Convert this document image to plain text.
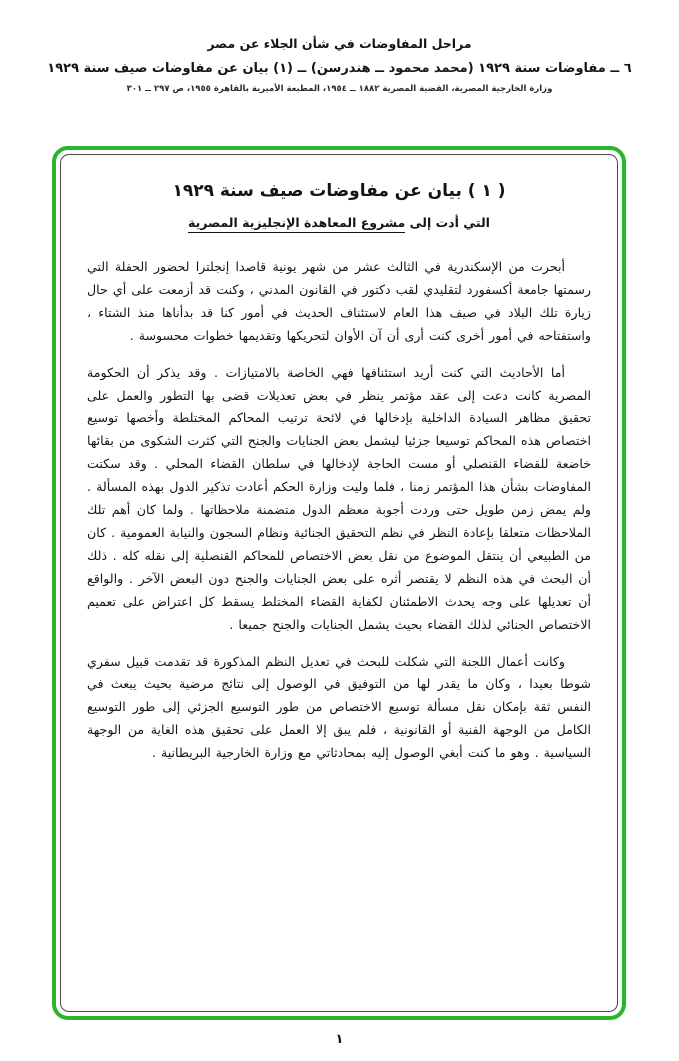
مراحل المفاوضات في شأن الجلاء عن مصر
٦ ــ مفاوضات سنة ١٩٢٩ (محمد محمود ــ هندرسن) ــ (١) بيان عن مفاوضات صيف سنة ١٩٢٩
وزارة الخارجية المصرية، القضية المصرية ١٨٨٢ ــ ١٩٥٤، المطبعة الأميرية بالقاهرة ١٩٥٥، ص ٢٩٧ ــ ٣٠١
( ١ ) بيان عن مفاوضات صيف سنة ١٩٢٩
التي أدت إلى مشروع المعاهدة الإنجليزية المصرية

أبحرت من الإسكندرية في الثالث عشر من شهر يونية قاصدا إنجلترا لحضور الحفلة التي رسمتها جامعة أكسفورد لتقليدي لقب دكتور في القانون المدني ، وكنت قد أزمعت على أي حال زيارة تلك البلاد في صيف هذا العام لاستئناف الحديث في أمور كنا قد بدأناها منذ الشتاء ، واستفتاحه في أمور أخرى كنت أرى أن آن الأوان لتحريكها وتقديمها خطوات محسوسة .

أما الأحاديث التي كنت أريد استئنافها فهي الخاصة بالامتيازات . وقد يذكر أن الحكومة المصرية كانت دعت إلى عقد مؤتمر ينظر في بعض تعديلات قضى بها التطور والعمل على تحقيق مظاهر السيادة الداخلية بإدخالها في لائحة ترتيب المحاكم المختلطة وأخصها توسيع اختصاص هذه المحاكم توسيعا جزئيا ليشمل بعض الجنايات والجنح التي كثرت الشكوى من بقائها خاضعة للقضاء القنصلي أو مست الحاجة لإدخالها في سلطان القضاء المحلي . وقد سكتت المفاوضات بشأن هذا المؤتمر زمنا ، فلما وليت وزارة الحكم أعادت تذكير الدول بهذه المسألة . ولم يمض زمن طويل حتى وردت أجوبة معظم الدول متضمنة ملاحظاتها . ولما كان أهم تلك الملاحظات متعلقا بإعادة النظر في نظم التحقيق الجنائية ونظام السجون والنيابة العمومية . كان من الطبيعي أن ينتقل الموضوع من نقل بعض الاختصاص للمحاكم القنصلية إلى نقله كله . ذلك أن البحث في هذه النظم لا يقتصر أثره على بعض الجنايات والجنح دون البعض الآخر . والواقع أن تعديلها على وجه يحدث الاطمئنان لكفاية القضاء المختلط يسقط كل اعتراض على تعميم الاختصاص الجنائي لذلك القضاء بحيث يشمل الجنايات والجنح جميعا .

وكانت أعمال اللجنة التي شكلت للبحث في تعديل النظم المذكورة قد تقدمت قبيل سفري شوطا بعيدا ، وكان ما يقدر لها من التوفيق في الوصول إلى نتائج مرضية بحيث يبعث في النفس ثقة بإمكان نقل مسألة توسيع الاختصاص من طور التوسيع الجزئي إلى طور التوسيع الكامل من الوجهة الفنية أو القانونية ، فلم يبق إلا العمل على تحقيق هذه الغاية من الوجهة السياسية . وهو ما كنت أبغي الوصول إليه بمحادثاتي مع وزارة الخارجية البريطانية .

١
